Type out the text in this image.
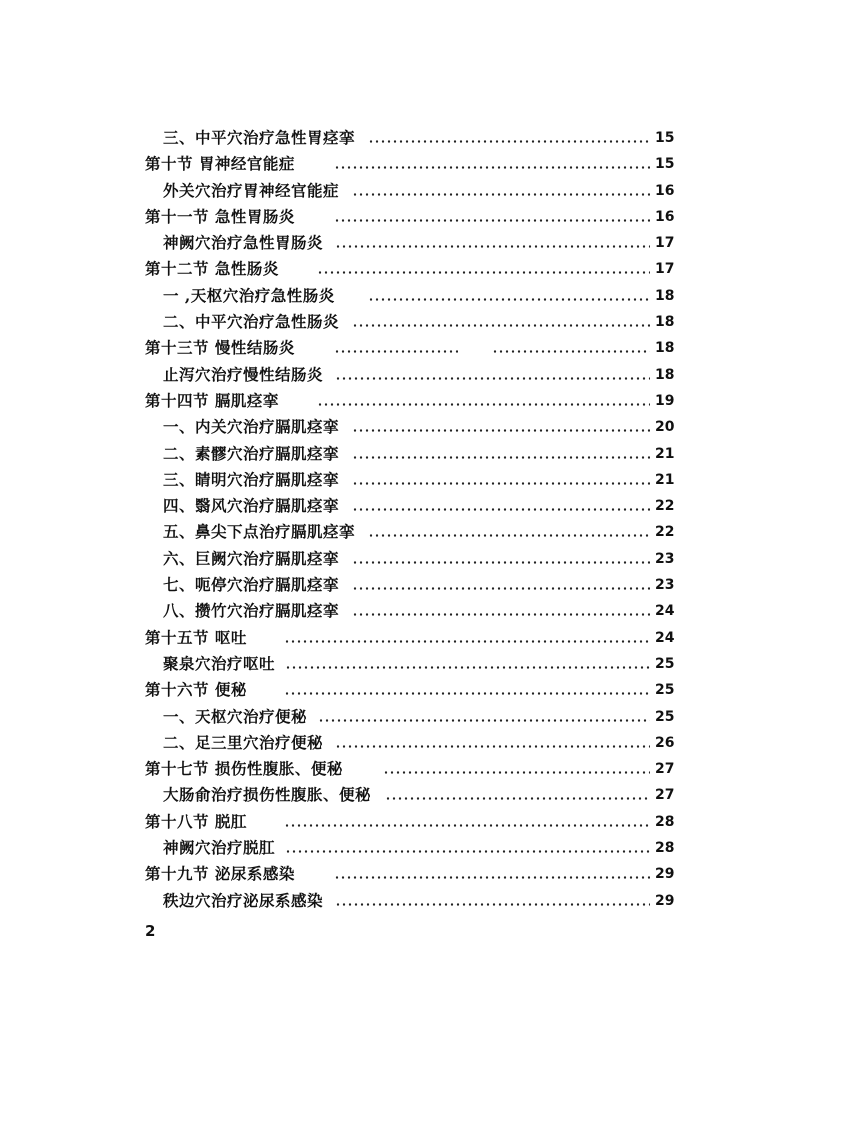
三、中平穴治疗急性胃痉挛	15
第十节 胃神经官能症	15
外关穴治疗胃神经官能症	16
第十一节 急性胃肠炎	16
神阙穴治疗急性胃肠炎	17
第十二节 急性肠炎	17
一 ,天枢穴治疗急性肠炎	18
二、中平穴治疗急性肠炎	18
第十三节 慢性结肠炎	18
止泻穴治疗慢性结肠炎	18
第十四节 膈肌痉挛	19
一、内关穴治疗膈肌痉挛	20
二、素髎穴治疗膈肌痉挛	21
三、睛明穴治疗膈肌痉挛	21
四、翳风穴治疗膈肌痉挛	22
五、鼻尖下点治疗膈肌痉挛	22
六、巨阙穴治疗膈肌痉挛	23
七、呃停穴治疗膈肌痉挛	23
八、攒竹穴治疗膈肌痉挛	24
第十五节 呕吐	24
聚泉穴治疗呕吐	25
第十六节 便秘	25
一、天枢穴治疗便秘	25
二、足三里穴治疗便秘	26
第十七节 损伤性腹胀、便秘	27
大肠俞治疗损伤性腹胀、便秘	27
第十八节 脱肛	28
神阙穴治疗脱肛	28
第十九节 泌尿系感染	29
秩边穴治疗泌尿系感染	29
2
